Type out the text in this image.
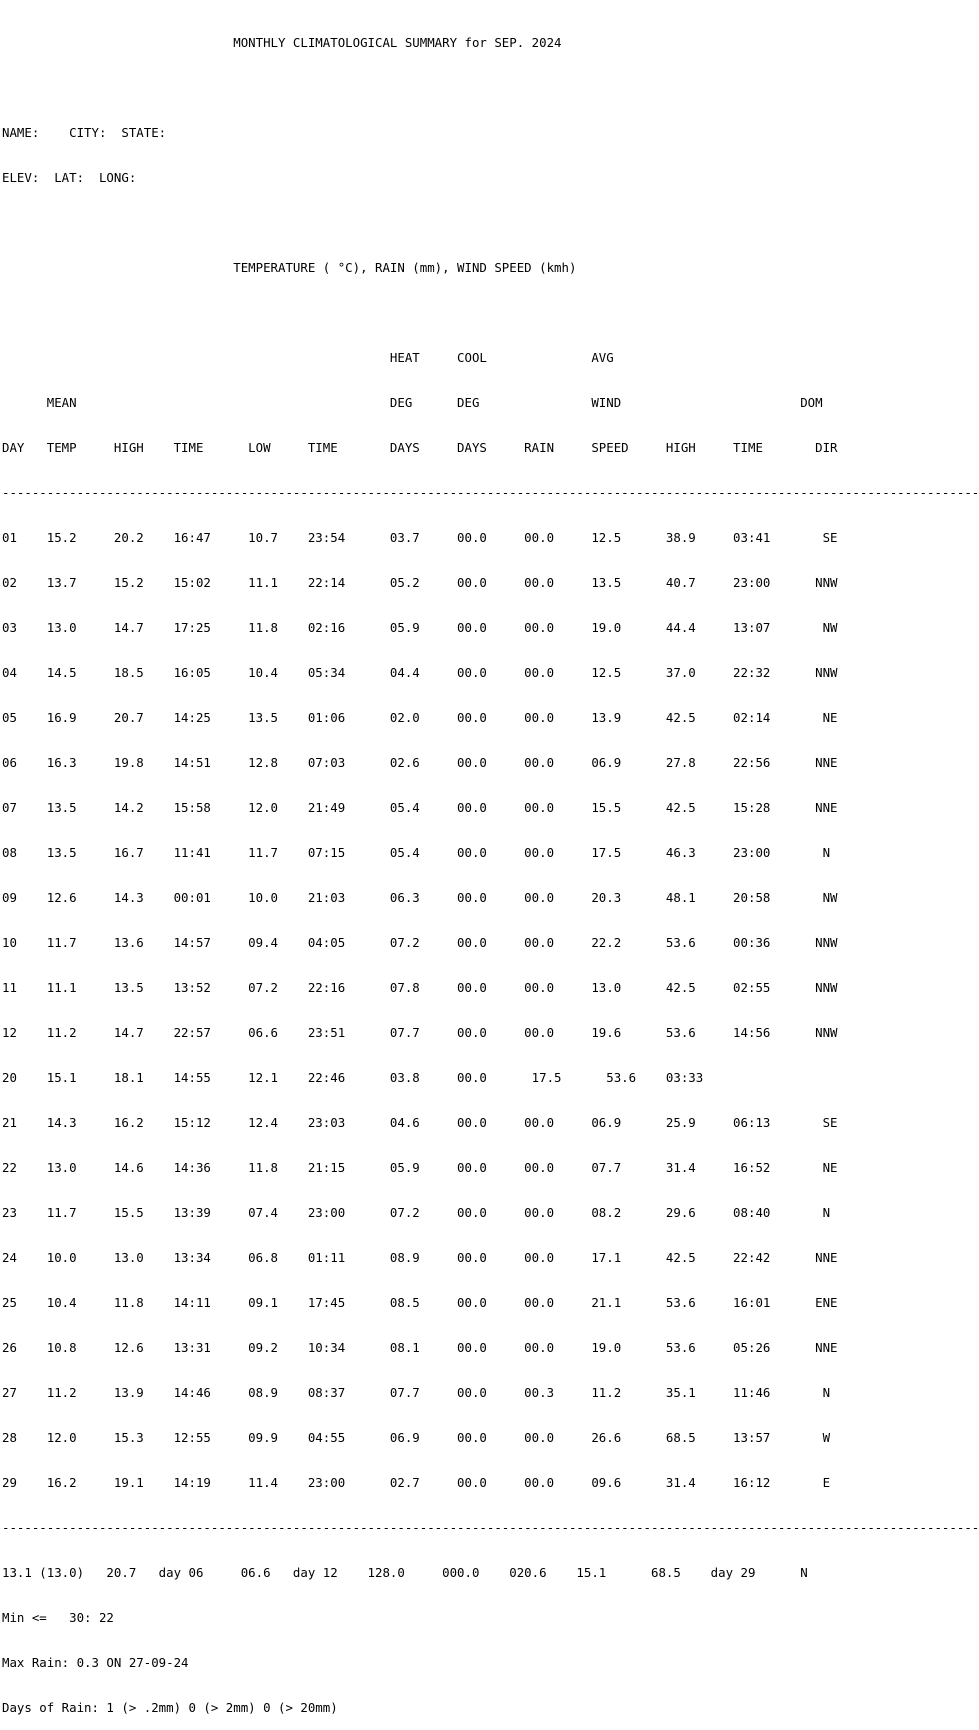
MONTHLY CLIMATOLOGICAL SUMMARY for SEP. 2024

NAME:    CITY:  STATE:

ELEV:  LAT:  LONG:

TEMPERATURE ( °C), RAIN (mm), WIND SPEED (kmh)

HEAT     COOL              AVG

MEAN                                          DEG      DEG               WIND                        DOM

DAY   TEMP     HIGH    TIME      LOW     TIME       DAYS     DAYS     RAIN     SPEED     HIGH     TIME       DIR

-----------------------------------------------------------------------------------------------------------------------------------

01    15.2     20.2    16:47     10.7    23:54      03.7     00.0     00.0     12.5      38.9     03:41       SE

02    13.7     15.2    15:02     11.1    22:14      05.2     00.0     00.0     13.5      40.7     23:00      NNW

03    13.0     14.7    17:25     11.8    02:16      05.9     00.0     00.0     19.0      44.4     13:07       NW

04    14.5     18.5    16:05     10.4    05:34      04.4     00.0     00.0     12.5      37.0     22:32      NNW

05    16.9     20.7    14:25     13.5    01:06      02.0     00.0     00.0     13.9      42.5     02:14       NE

06    16.3     19.8    14:51     12.8    07:03      02.6     00.0     00.0     06.9      27.8     22:56      NNE

07    13.5     14.2    15:58     12.0    21:49      05.4     00.0     00.0     15.5      42.5     15:28      NNE

08    13.5     16.7    11:41     11.7    07:15      05.4     00.0     00.0     17.5      46.3     23:00       N

09    12.6     14.3    00:01     10.0    21:03      06.3     00.0     00.0     20.3      48.1     20:58       NW

10    11.7     13.6    14:57     09.4    04:05      07.2     00.0     00.0     22.2      53.6     00:36      NNW

11    11.1     13.5    13:52     07.2    22:16      07.8     00.0     00.0     13.0      42.5     02:55      NNW

12    11.2     14.7    22:57     06.6    23:51      07.7     00.0     00.0     19.6      53.6     14:56      NNW

20    15.1     18.1    14:55     12.1    22:46      03.8     00.0      17.5      53.6    03:33

21    14.3     16.2    15:12     12.4    23:03      04.6     00.0     00.0     06.9      25.9     06:13       SE

22    13.0     14.6    14:36     11.8    21:15      05.9     00.0     00.0     07.7      31.4     16:52       NE

23    11.7     15.5    13:39     07.4    23:00      07.2     00.0     00.0     08.2      29.6     08:40       N

24    10.0     13.0    13:34     06.8    01:11      08.9     00.0     00.0     17.1      42.5     22:42      NNE

25    10.4     11.8    14:11     09.1    17:45      08.5     00.0     00.0     21.1      53.6     16:01      ENE

26    10.8     12.6    13:31     09.2    10:34      08.1     00.0     00.0     19.0      53.6     05:26      NNE

27    11.2     13.9    14:46     08.9    08:37      07.7     00.0     00.3     11.2      35.1     11:46       N

28    12.0     15.3    12:55     09.9    04:55      06.9     00.0     00.0     26.6      68.5     13:57       W

29    16.2     19.1    14:19     11.4    23:00      02.7     00.0     00.0     09.6      31.4     16:12       E

-----------------------------------------------------------------------------------------------------------------------------------

13.1 (13.0)   20.7   day 06     06.6   day 12    128.0     000.0    020.6    15.1      68.5    day 29      N

Min <=   30: 22

Max Rain: 0.3 ON 27-09-24

Days of Rain: 1 (> .2mm) 0 (> 2mm) 0 (> 20mm)
